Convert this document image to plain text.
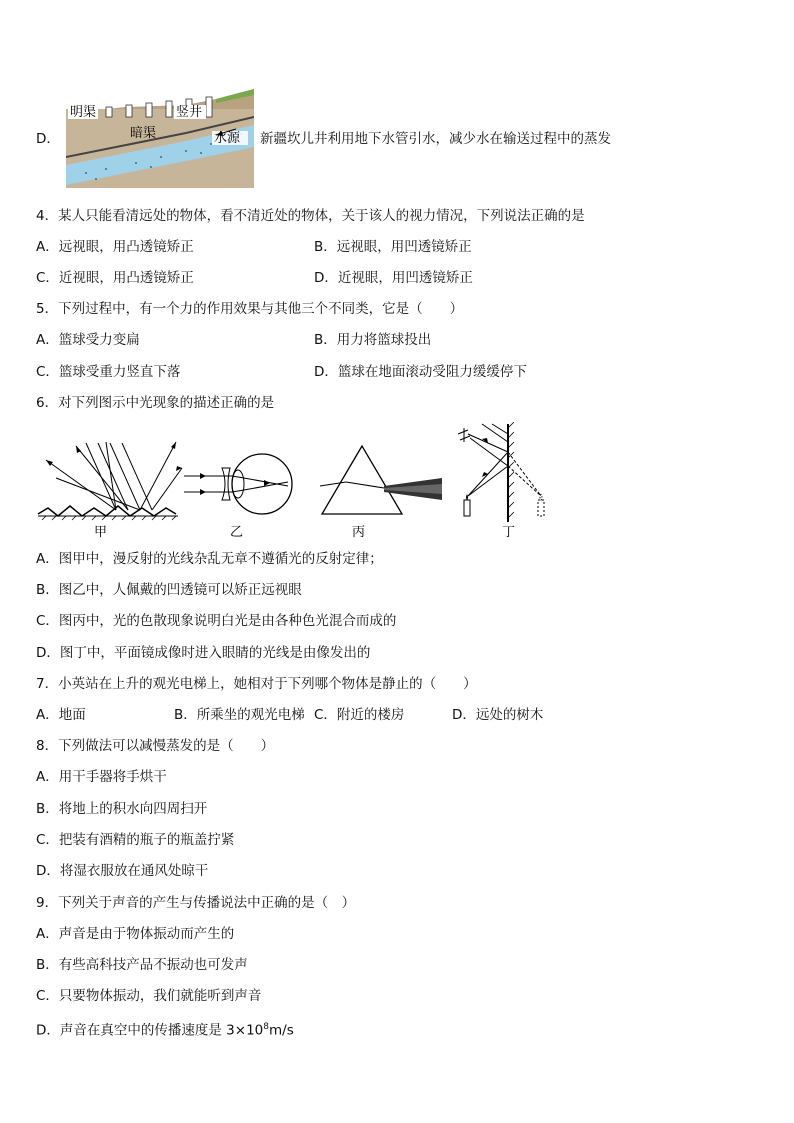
D．
明渠	竖井
暗渠	水源 新疆坎儿井利用地下水管引水，减少水在输送过程中的蒸发
4．某人只能看清远处的物体，看不清近处的物体，关于该人的视力情况，下列说法正确的是
A．远视眼，用凸透镜矫正	B．远视眼，用凹透镜矫正
C．近视眼，用凸透镜矫正	D．近视眼，用凹透镜矫正
5．下列过程中，有一个力的作用效果与其他三个不同类，它是（　　）
A．篮球受力变扁	B．用力将篮球投出
C．篮球受重力竖直下落	D．篮球在地面滚动受阻力缓缓停下
6．对下列图示中光现象的描述正确的是
甲	乙	丙	丁
A．图甲中，漫反射的光线杂乱无章不遵循光的反射定律；
B．图乙中，人佩戴的凹透镜可以矫正远视眼
C．图丙中，光的色散现象说明白光是由各种色光混合而成的
D．图丁中，平面镜成像时进入眼睛的光线是由像发出的
7．小英站在上升的观光电梯上，她相对于下列哪个物体是静止的（　　）
A．地面	B．所乘坐的观光电梯 C．附近的楼房	D．远处的树木
8．下列做法可以减慢蒸发的是（　　）
A．用干手器将手烘干
B．将地上的积水向四周扫开
C．把装有酒精的瓶子的瓶盖拧紧
D．将湿衣服放在通风处晾干
9．下列关于声音的产生与传播说法中正确的是（　）
A．声音是由于物体振动而产生的
B．有些高科技产品不振动也可发声
C．只要物体振动，我们就能听到声音
D．声音在真空中的传播速度是 $3\times 10^8m/s$
